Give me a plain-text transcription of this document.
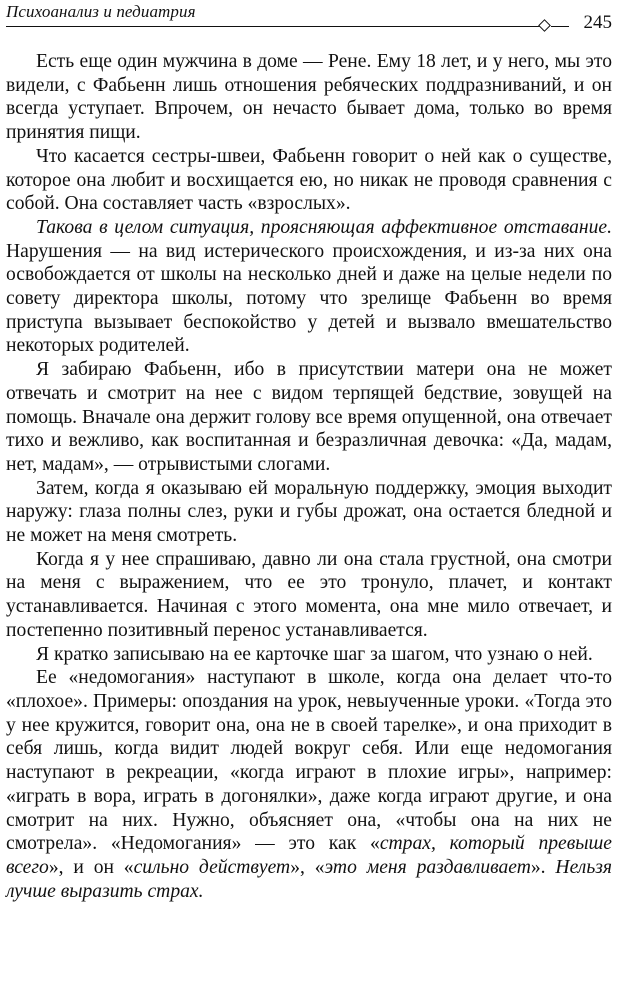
Психоанализ и педиатрия
245

Есть еще один мужчина в доме — Рене. Ему 18 лет, и у него, мы это видели, с Фабьенн лишь отношения ребяческих поддразниваний, и он всегда уступает. Впрочем, он нечасто бывает дома, только во время принятия пищи.

Что касается сестры-швеи, Фабьенн говорит о ней как о существе, которое она любит и восхищается ею, но никак не проводя сравнения с собой. Она составляет часть «взрослых».

Такова в целом ситуация, проясняющая аффективное отставание. Нарушения — на вид истерического происхождения, и из-за них она освобождается от школы на несколько дней и даже на целые недели по совету директора школы, потому что зрелище Фабьенн во время приступа вызывает беспокойство у детей и вызвало вмешательство некоторых родителей.

Я забираю Фабьенн, ибо в присутствии матери она не может отвечать и смотрит на нее с видом терпящей бедствие, зовущей на помощь. Вначале она держит голову все время опущенной, она отвечает тихо и вежливо, как воспитанная и безразличная девочка: «Да, мадам, нет, мадам», — отрывистыми слогами.

Затем, когда я оказываю ей моральную поддержку, эмоция выходит наружу: глаза полны слез, руки и губы дрожат, она остается бледной и не может на меня смотреть.

Когда я у нее спрашиваю, давно ли она стала грустной, она смотри на меня с выражением, что ее это тронуло, плачет, и контакт устанавливается. Начиная с этого момента, она мне мило отвечает, и постепенно позитивный перенос устанавливается.

Я кратко записываю на ее карточке шаг за шагом, что узнаю о ней.

Ее «недомогания» наступают в школе, когда она делает что-то «плохое». Примеры: опоздания на урок, невыученные уроки. «Тогда это у нее кружится, говорит она, она не в своей тарелке», и она приходит в себя лишь, когда видит людей вокруг себя. Или еще недомогания наступают в рекреации, «когда играют в плохие игры», например: «играть в вора, играть в догонялки», даже когда играют другие, и она смотрит на них. Нужно, объясняет она, «чтобы она на них не смотрела». «Недомогания» — это как «страх, который превыше всего», и он «сильно действует», «это меня раздавливает». Нельзя лучше выразить страх.
